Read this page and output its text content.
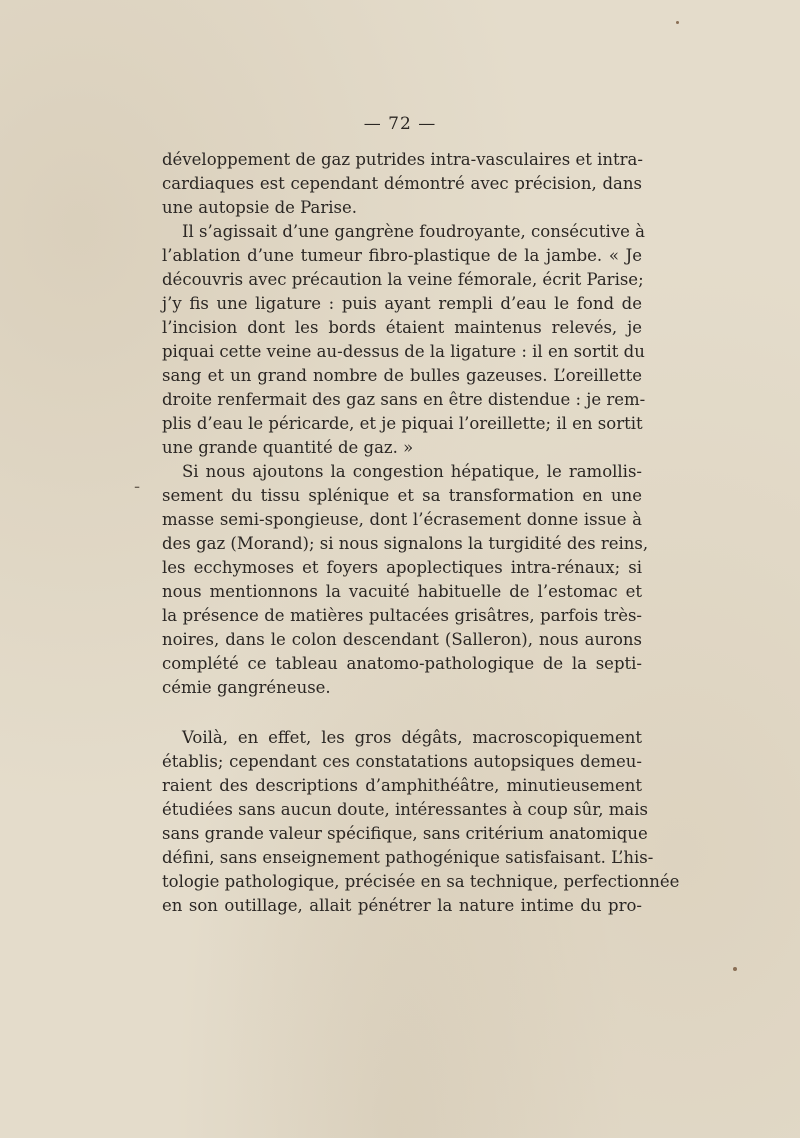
— 72 —
-
développement de gaz putrides intra-vasculaires et intra-
cardiaques est cependant démontré avec précision, dans
une autopsie de Parise.
Il s’agissait d’une gangrène foudroyante, consécutive à
l’ablation d’une tumeur fibro-plastique de la jambe. « Je
découvris avec précaution la veine fémorale, écrit Parise;
j’y fis une ligature : puis ayant rempli d’eau le fond de
l’incision dont les bords étaient maintenus relevés, je
piquai cette veine au-dessus de la ligature : il en sortit du
sang et un grand nombre de bulles gazeuses. L’oreillette
droite renfermait des gaz sans en être distendue : je rem-
plis d’eau le péricarde, et je piquai l’oreillette; il en sortit
une grande quantité de gaz. »
Si nous ajoutons la congestion hépatique, le ramollis-
sement du tissu splénique et sa transformation en une
masse semi-spongieuse, dont l’écrasement donne issue à
des gaz (Morand); si nous signalons la turgidité des reins,
les ecchymoses et foyers apoplectiques intra-rénaux; si
nous mentionnons la vacuité habituelle de l’estomac et
la présence de matières pultacées grisâtres, parfois très-
noires, dans le colon descendant (Salleron), nous aurons
complété ce tableau anatomo-pathologique de la septi-
cémie gangréneuse.
Voilà, en effet, les gros dégâts, macroscopiquement
établis; cependant ces constatations autopsiques demeu-
raient des descriptions d’amphithéâtre, minutieusement
étudiées sans aucun doute, intéressantes à coup sûr, mais
sans grande valeur spécifique, sans critérium anatomique
défini, sans enseignement pathogénique satisfaisant. L’his-
tologie pathologique, précisée en sa technique, perfectionnée
en son outillage, allait pénétrer la nature intime du pro-
